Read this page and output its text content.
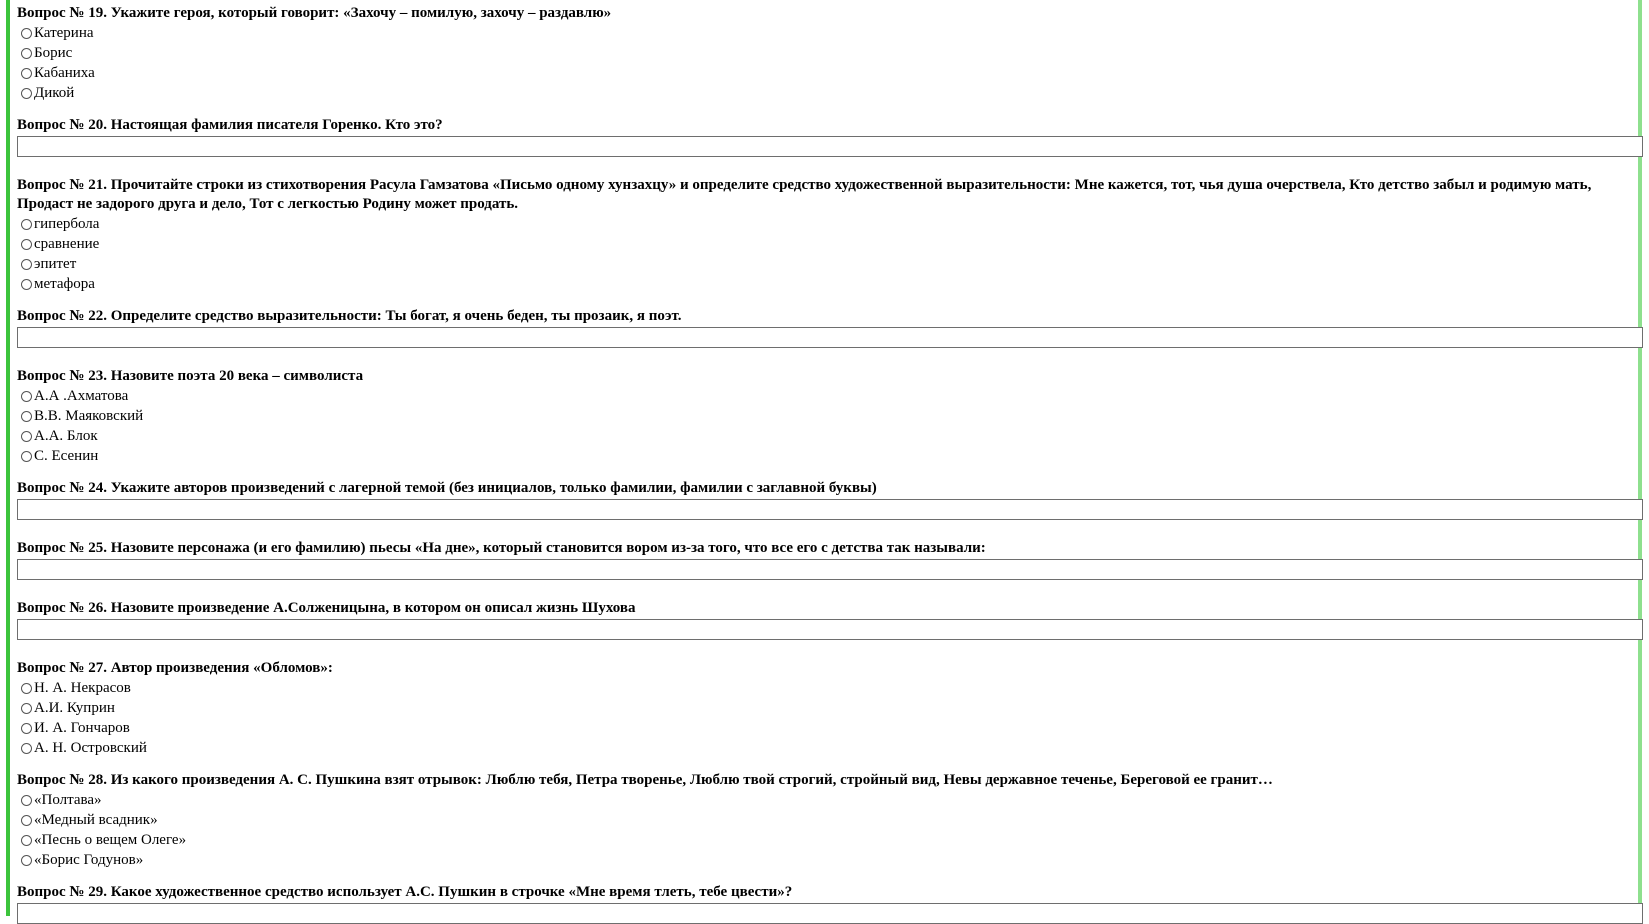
Вопрос № 19. Укажите героя, который говорит: «Захочу – помилую, захочу – раздавлю»

Катерина
Борис
Кабаниха
Дикой

Вопрос № 20. Настоящая фамилия писателя Горенко. Кто это?

Вопрос № 21. Прочитайте строки из стихотворения Расула Гамзатова «Письмо одному хунзахцу» и определите средство художественной выразительности: Мне кажется, тот, чья душа очерствела, Кто детство забыл и родимую мать, Продаст не задорого друга и дело, Тот с легкостью Родину может продать.

гипербола
сравнение
эпитет
метафора

Вопрос № 22. Определите средство выразительности: Ты богат, я очень беден, ты прозаик, я поэт.

Вопрос № 23. Назовите поэта 20 века – символиста

А.А .Ахматова
В.В. Маяковский
А.А. Блок
С. Есенин

Вопрос № 24. Укажите авторов произведений с лагерной темой (без инициалов, только фамилии, фамилии с заглавной буквы)

Вопрос № 25. Назовите персонажа (и его фамилию) пьесы «На дне», который становится вором из-за того, что все его с детства так называли:

Вопрос № 26. Назовите произведение А.Солженицына, в котором он описал жизнь Шухова

Вопрос № 27. Автор произведения «Обломов»:

Н. А. Некрасов
А.И. Куприн
И. А. Гончаров
А. Н. Островский

Вопрос № 28. Из какого произведения А. С. Пушкина взят отрывок: Люблю тебя, Петра творенье, Люблю твой строгий, стройный вид, Невы державное теченье, Береговой ее гранит…

«Полтава»
«Медный всадник»
«Песнь о вещем Олеге»
«Борис Годунов»

Вопрос № 29. Какое художественное средство использует А.С. Пушкин в строчке «Мне время тлеть, тебе цвести»?
